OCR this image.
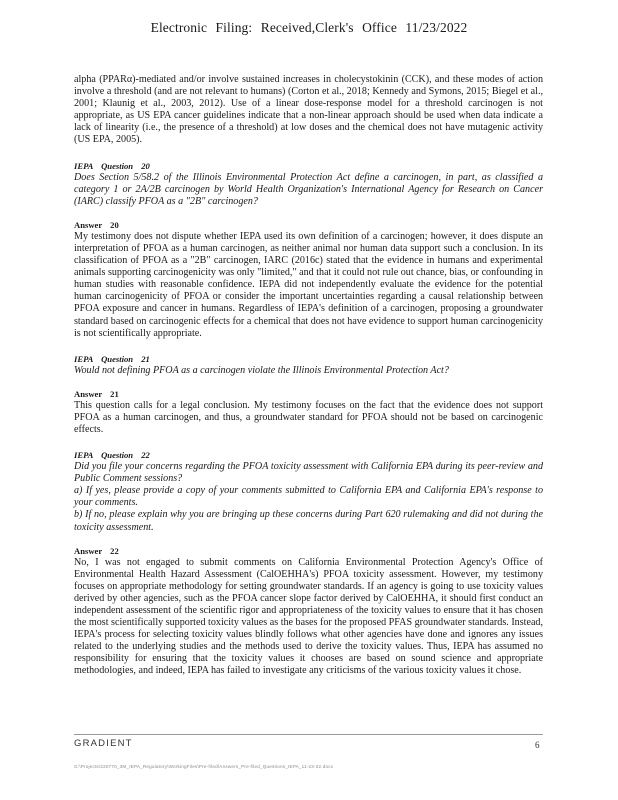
Electronic Filing: Received,Clerk's Office 11/23/2022

alpha (PPARα)-mediated and/or involve sustained increases in cholecystokinin (CCK), and these modes of action involve a threshold (and are not relevant to humans) (Corton et al., 2018; Kennedy and Symons, 2015; Biegel et al., 2001; Klaunig et al., 2003, 2012). Use of a linear dose-response model for a threshold carcinogen is not appropriate, as US EPA cancer guidelines indicate that a non-linear approach should be used when data indicate a lack of linearity (i.e., the presence of a threshold) at low doses and the chemical does not have mutagenic activity (US EPA, 2005).

IEPA Question 20

Does Section 5/58.2 of the Illinois Environmental Protection Act define a carcinogen, in part, as classified a category 1 or 2A/2B carcinogen by World Health Organization's International Agency for Research on Cancer (IARC) classify PFOA as a "2B" carcinogen?

Answer 20

My testimony does not dispute whether IEPA used its own definition of a carcinogen; however, it does dispute an interpretation of PFOA as a human carcinogen, as neither animal nor human data support such a conclusion. In its classification of PFOA as a "2B" carcinogen, IARC (2016c) stated that the evidence in humans and experimental animals supporting carcinogenicity was only "limited," and that it could not rule out chance, bias, or confounding in human studies with reasonable confidence. IEPA did not independently evaluate the evidence for the potential human carcinogenicity of PFOA or consider the important uncertainties regarding a causal relationship between PFOA exposure and cancer in humans. Regardless of IEPA's definition of a carcinogen, proposing a groundwater standard based on carcinogenic effects for a chemical that does not have evidence to support human carcinogenicity is not scientifically appropriate.

IEPA Question 21

Would not defining PFOA as a carcinogen violate the Illinois Environmental Protection Act?

Answer 21

This question calls for a legal conclusion. My testimony focuses on the fact that the evidence does not support PFOA as a human carcinogen, and thus, a groundwater standard for PFOA should not be based on carcinogenic effects.

IEPA Question 22

Did you file your concerns regarding the PFOA toxicity assessment with California EPA during its peer-review and Public Comment sessions?

a) If yes, please provide a copy of your comments submitted to California EPA and California EPA's response to your comments.

b) If no, please explain why you are bringing up these concerns during Part 620 rulemaking and did not during the toxicity assessment.

Answer 22

No, I was not engaged to submit comments on California Environmental Protection Agency's Office of Environmental Health Hazard Assessment (CalOEHHA's) PFOA toxicity assessment. However, my testimony focuses on appropriate methodology for setting groundwater standards. If an agency is going to use toxicity values derived by other agencies, such as the PFOA cancer slope factor derived by CalOEHHA, it should first conduct an independent assessment of the scientific rigor and appropriateness of the toxicity values to ensure that it has chosen the most scientifically supported toxicity values as the bases for the proposed PFAS groundwater standards. Instead, IEPA's process for selecting toxicity values blindly follows what other agencies have done and ignores any issues related to the underlying studies and the methods used to derive the toxicity values. Thus, IEPA has assumed no responsibility for ensuring that the toxicity values it chooses are based on sound science and appropriate methodologies, and indeed, IEPA has failed to investigate any criticisms of the various toxicity values it chose.

GRADIENT	6
G:\Projects\220770_3M_IEPA_Regulatory\WorkingFiles\Pre-filed\Answers_Pre-filed_Questions_IEPA_11-23-22.docx
